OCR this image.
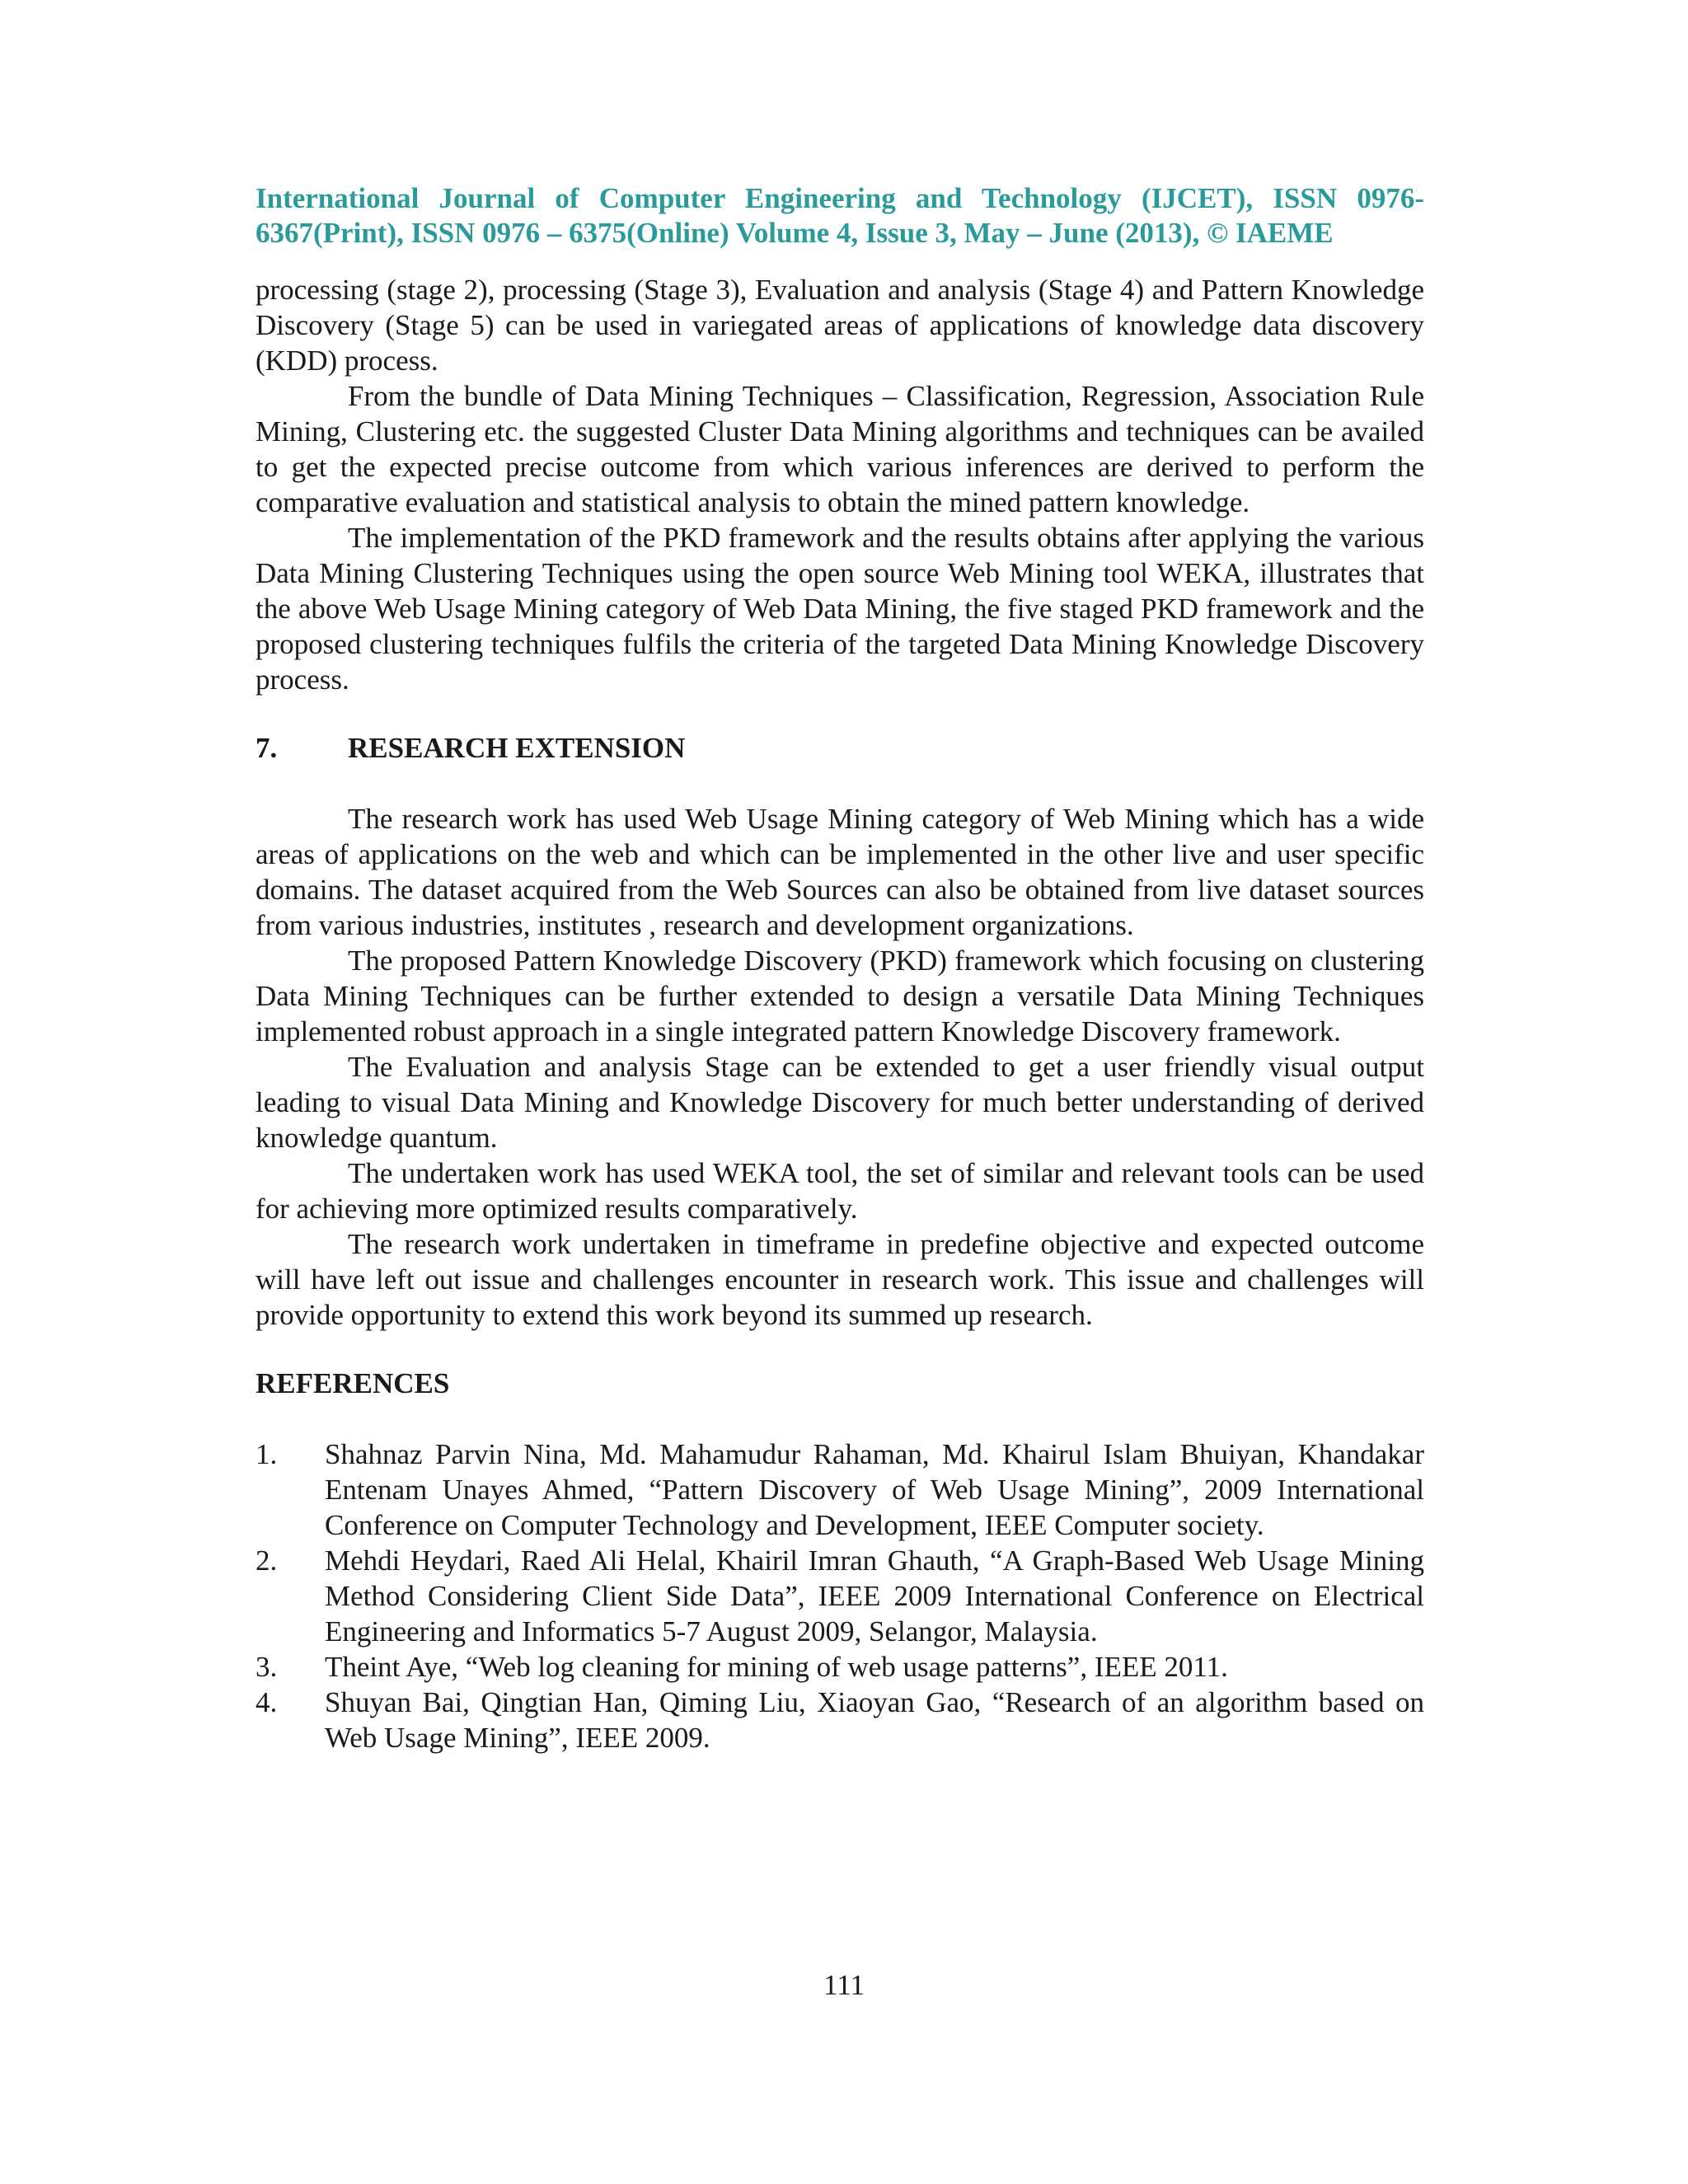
International Journal of Computer Engineering and Technology (IJCET), ISSN 0976-6367(Print), ISSN 0976 – 6375(Online) Volume 4, Issue 3, May – June (2013), © IAEME

processing (stage 2), processing (Stage 3), Evaluation and analysis (Stage 4) and Pattern Knowledge Discovery (Stage 5) can be used in variegated areas of applications of knowledge data discovery (KDD) process.

From the bundle of Data Mining Techniques – Classification, Regression, Association Rule Mining, Clustering etc. the suggested Cluster Data Mining algorithms and techniques can be availed to get the expected precise outcome from which various inferences are derived to perform the comparative evaluation and statistical analysis to obtain the mined pattern knowledge.

The implementation of the PKD framework and the results obtains after applying the various Data Mining Clustering Techniques using the open source Web Mining tool WEKA, illustrates that the above Web Usage Mining category of Web Data Mining, the five staged PKD framework and the proposed clustering techniques fulfils the criteria of the targeted Data Mining Knowledge Discovery process.

7.	RESEARCH EXTENSION

The research work has used Web Usage Mining category of Web Mining which has a wide areas of applications on the web and which can be implemented in the other live and user specific domains. The dataset acquired from the Web Sources can also be obtained from live dataset sources from various industries, institutes , research and development organizations.

The proposed Pattern Knowledge Discovery (PKD) framework which focusing on clustering Data Mining Techniques can be further extended to design a versatile Data Mining Techniques implemented robust approach in a single integrated pattern Knowledge Discovery framework.

The Evaluation and analysis Stage can be extended to get a user friendly visual output leading to visual Data Mining and Knowledge Discovery for much better understanding of derived knowledge quantum.

The undertaken work has used WEKA tool, the set of similar and relevant tools can be used for achieving more optimized results comparatively.

The research work undertaken in timeframe in predefine objective and expected outcome will have left out issue and challenges encounter in research work. This issue and challenges will provide opportunity to extend this work beyond its summed up research.

REFERENCES
1.	Shahnaz Parvin Nina, Md. Mahamudur Rahaman, Md. Khairul Islam Bhuiyan, Khandakar Entenam Unayes Ahmed, “Pattern Discovery of Web Usage Mining”, 2009 International Conference on Computer Technology and Development, IEEE Computer society.
2.	Mehdi Heydari, Raed Ali Helal, Khairil Imran Ghauth, “A Graph-Based Web Usage Mining Method Considering Client Side Data”, IEEE 2009 International Conference on Electrical Engineering and Informatics 5-7 August 2009, Selangor, Malaysia.
3.	Theint Aye, “Web log cleaning for mining of web usage patterns”, IEEE 2011.
4.	Shuyan Bai, Qingtian Han, Qiming Liu, Xiaoyan Gao, “Research of an algorithm based on Web Usage Mining”, IEEE 2009.
111
